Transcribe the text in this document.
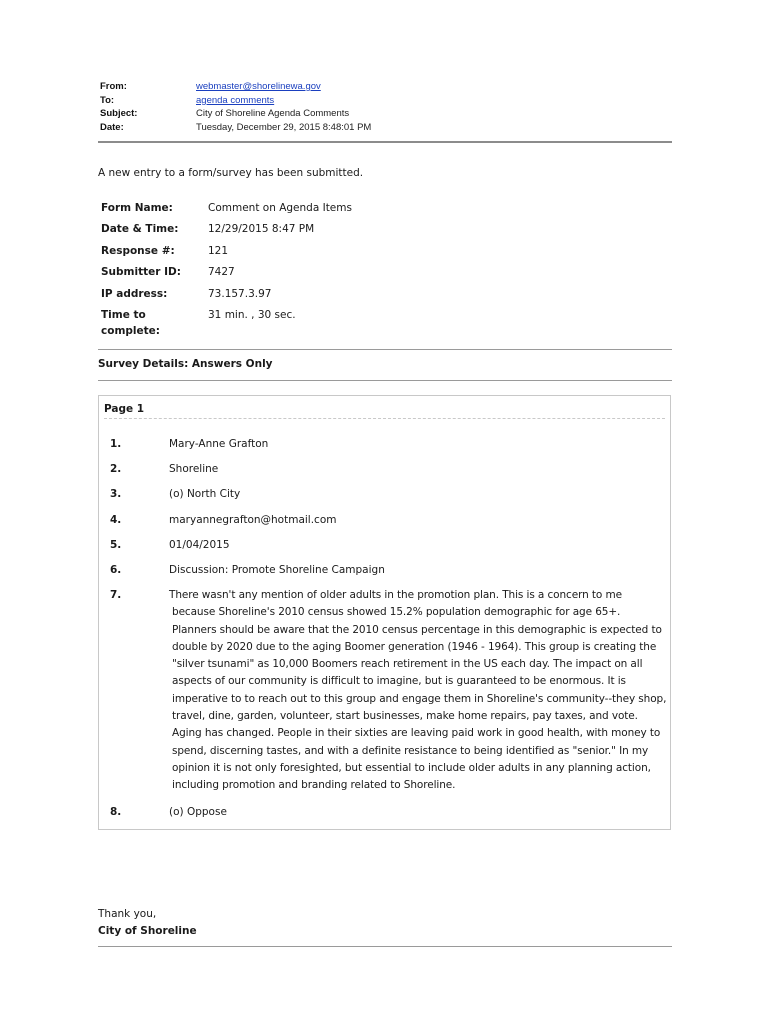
From:	webmaster@shorelinewa.gov
To:	agenda comments
Subject:	City of Shoreline Agenda Comments
Date:	Tuesday, December 29, 2015 8:48:01 PM
A new entry to a form/survey has been submitted.
Form Name:	Comment on Agenda Items
Date & Time:	12/29/2015 8:47 PM
Response #:	121
Submitter ID:	7427
IP address:	73.157.3.97
Time to complete:
31 min. , 30 sec.
Survey Details: Answers Only
Page 1
1.	Mary-Anne Grafton
2.	Shoreline
3.	(o) North City
4.	maryannegrafton@hotmail.com
5.	01/04/2015
6.	Discussion: Promote Shoreline Campaign
7.	There wasn't any mention of older adults in the promotion plan. This is a concern to me because Shoreline's 2010 census showed 15.2% population demographic for age 65+. Planners should be aware that the 2010 census percentage in this demographic is expected to double by 2020 due to the aging Boomer generation (1946 - 1964). This group is creating the "silver tsunami" as 10,000 Boomers reach retirement in the US each day. The impact on all aspects of our community is difficult to imagine, but is guaranteed to be enormous. It is imperative to to reach out to this group and engage them in Shoreline's community--they shop, travel, dine, garden, volunteer, start businesses, make home repairs, pay taxes, and vote. Aging has changed. People in their sixties are leaving paid work in good health, with money to spend, discerning tastes, and with a definite resistance to being identified as "senior." In my opinion it is not only foresighted, but essential to include older adults in any planning action, including promotion and branding related to Shoreline.
8.	(o) Oppose
Thank you,
City of Shoreline
